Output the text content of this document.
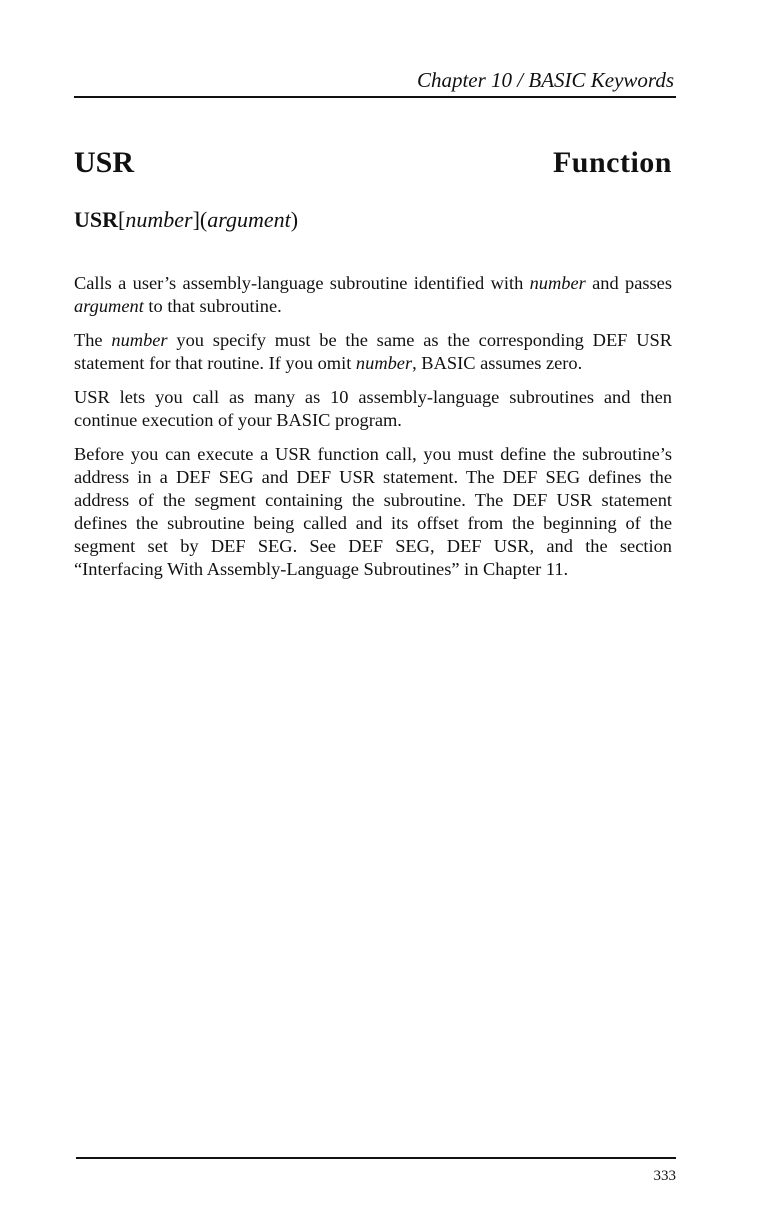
Chapter 10 / BASIC Keywords
USR	Function
USR[number](argument)

Calls a user’s assembly-language subroutine identified with number and passes argument to that subroutine.

The number you specify must be the same as the corresponding DEF USR statement for that routine. If you omit number, BASIC assumes zero.

USR lets you call as many as 10 assembly-language subroutines and then continue execution of your BASIC program.

Before you can execute a USR function call, you must define the subroutine’s address in a DEF SEG and DEF USR statement. The DEF SEG defines the address of the segment containing the subroutine. The DEF USR statement defines the subroutine being called and its offset from the beginning of the segment set by DEF SEG. See DEF SEG, DEF USR, and the section “Interfacing With Assembly-Language Subroutines” in Chapter 11.

333
